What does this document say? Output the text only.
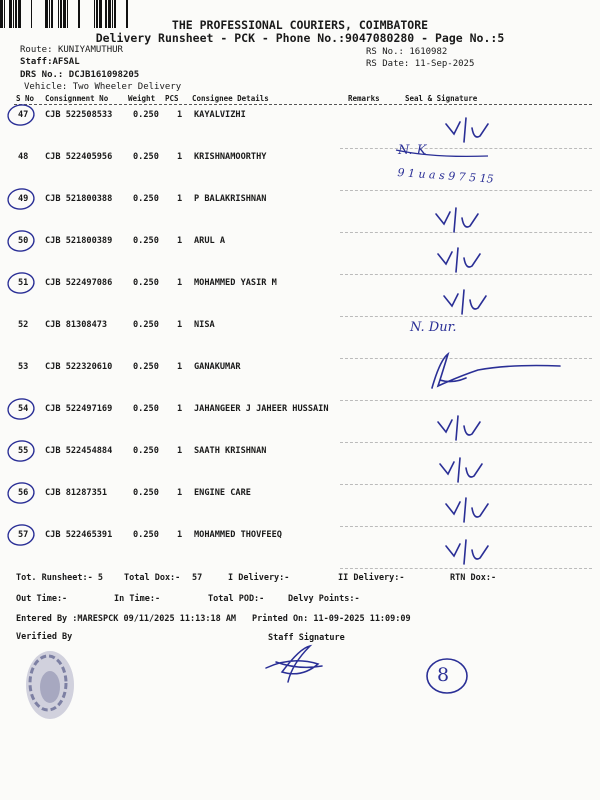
THE PROFESSIONAL COURIERS, COIMBATORE
Delivery Runsheet - PCK - Phone No.:9047080280 - Page No.:5
Route: KUNIYAMUTHUR
Staff:AFSAL
DRS No.: DCJB161098205
Vehicle: Two Wheeler Delivery
RS No.: 1610982
RS Date: 11-Sep-2025
S No Consignment No	Weight PCS Consignee Details	Remarks	Seal & Signature
47 CJB 522508533 0.250 1 KAYALVIZHI
48 CJB 522405956 0.250 1 KRISHNAMOORTHY
49 CJB 521800388 0.250 1 P BALAKRISHNAN
50 CJB 521800389 0.250 1 ARUL A
51 CJB 522497086 0.250 1 MOHAMMED YASIR M
52 CJB 81308473	0.250 1 NISA
53 CJB 522320610 0.250 1 GANAKUMAR
54 CJB 522497169 0.250 1 JAHANGEER J JAHEER HUSSAIN
55 CJB 522454884 0.250 1 SAATH KRISHNAN
56 CJB 81287351	0.250 1 ENGINE CARE
57 CJB 522465391 0.250 1 MOHAMMED THOVFEEQ
N. K
9 1 u a s 9 7 5 15
N. Dur.
Tot. Runsheet:- 5 Total Dox:- 57	I Delivery:-	II Delivery:-	RTN Dox:-
Out Time:-	In Time:-	Total POD:-	Delvy Points:-
Entered By :MARESPCK 09/11/2025 11:13:18 AM Printed On: 11-09-2025 11:09:09
Verified By	Staff Signature
8
